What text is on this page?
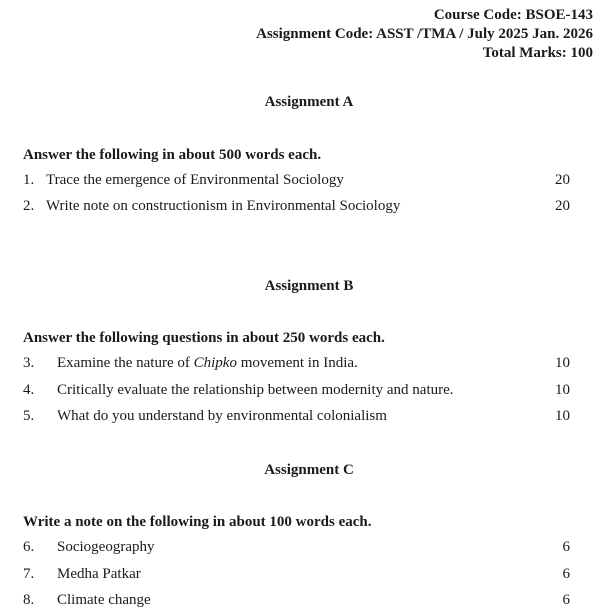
Course Code: BSOE-143
Assignment Code: ASST /TMA / July 2025 Jan. 2026
Total Marks: 100
Assignment A
Answer the following in about 500 words each.
1. Trace the emergence of Environmental Sociology	20
2. Write note on constructionism in Environmental Sociology	20
Assignment B
Answer the following questions in about 250 words each.
3.	Examine the nature of Chipko movement in India.	10
4.	Critically evaluate the relationship between modernity and nature.	10
5.	What do you understand by environmental colonialism	10
Assignment C
Write a note on the following in about 100 words each.
6.	Sociogeography	6
7.	Medha Patkar	6
8.	Climate change	6
